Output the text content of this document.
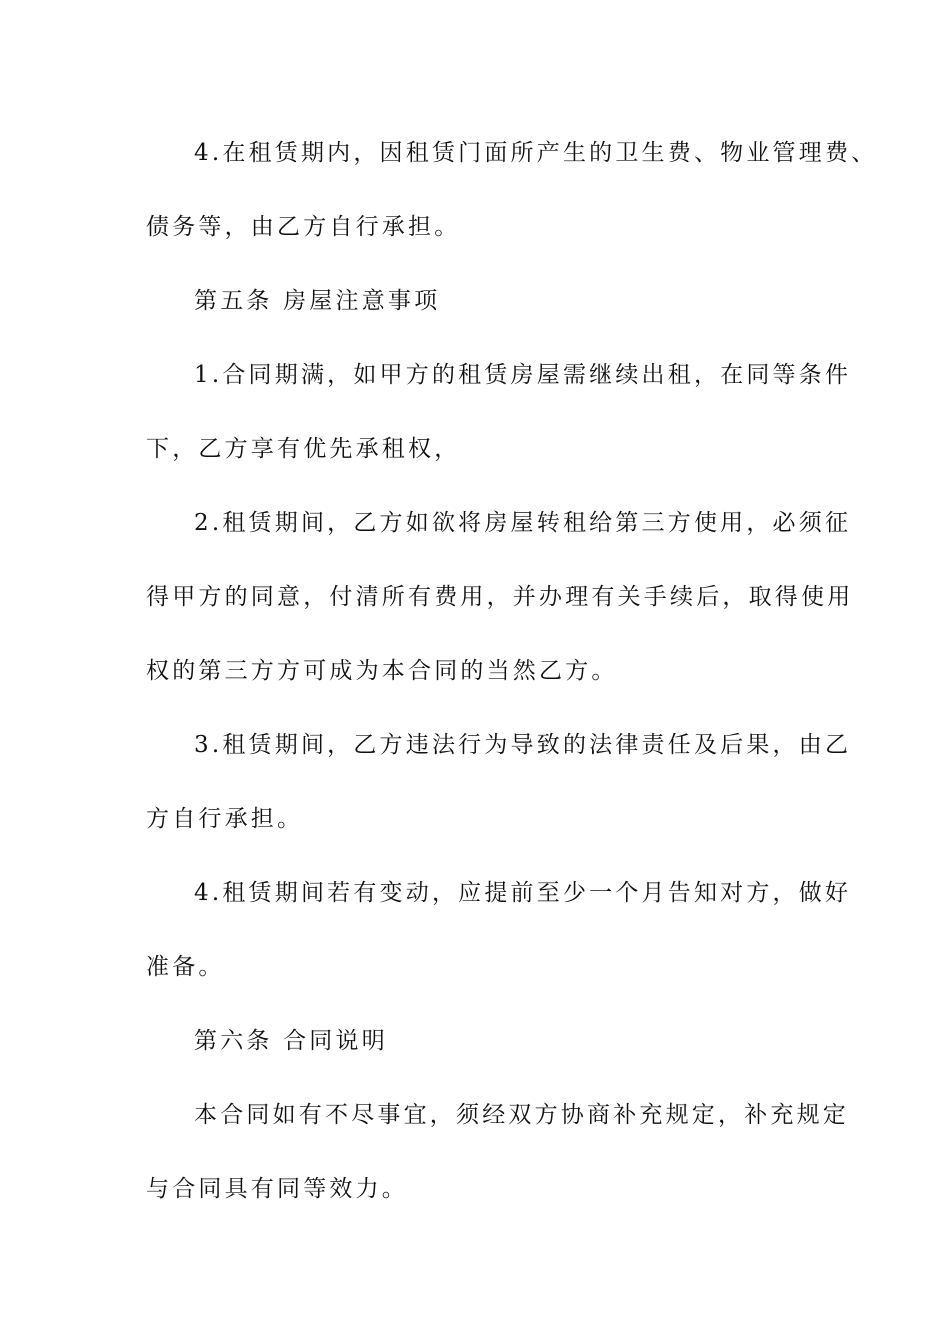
4.在租赁期内，因租赁门面所产生的卫生费、物业管理费、
债务等，由乙方自行承担。
第五条 房屋注意事项
1.合同期满，如甲方的租赁房屋需继续出租，在同等条件
下，乙方享有优先承租权，
2.租赁期间，乙方如欲将房屋转租给第三方使用，必须征
得甲方的同意，付清所有费用，并办理有关手续后，取得使用
权的第三方方可成为本合同的当然乙方。
3.租赁期间，乙方违法行为导致的法律责任及后果，由乙
方自行承担。
4.租赁期间若有变动，应提前至少一个月告知对方，做好
准备。
第六条 合同说明
本合同如有不尽事宜，须经双方协商补充规定，补充规定
与合同具有同等效力。
